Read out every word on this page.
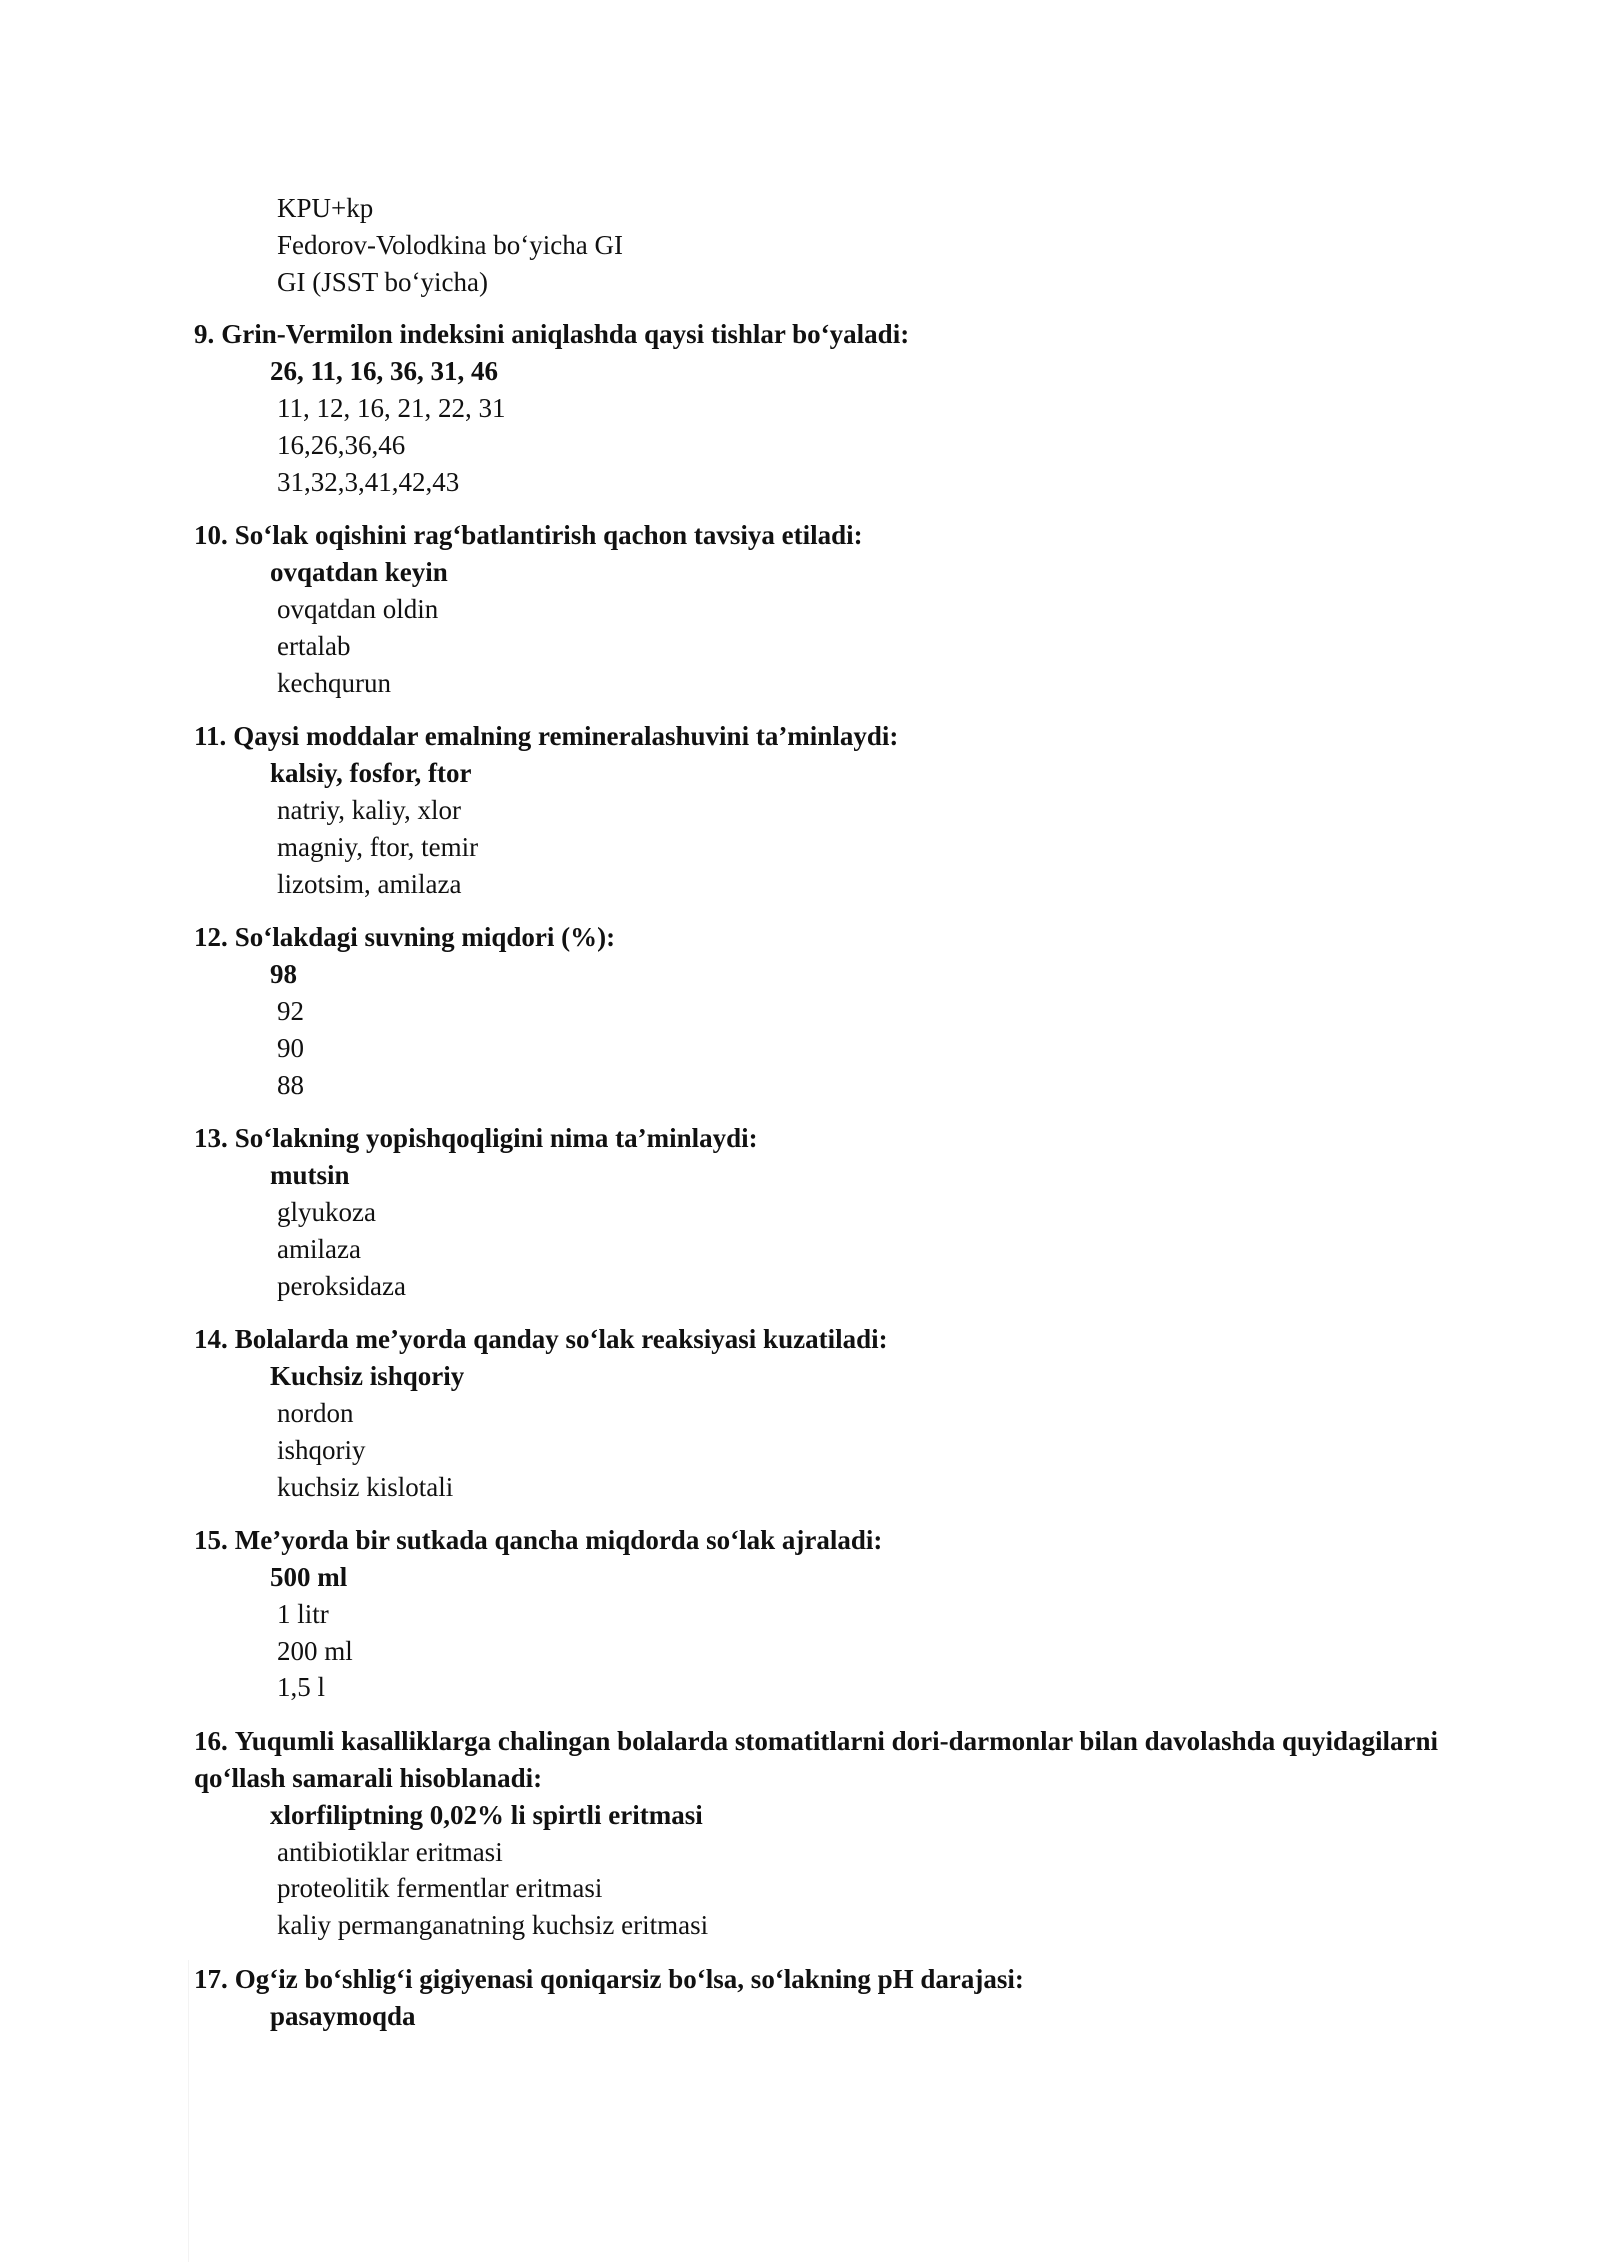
KPU+kp
Fedorov-Volodkina bo‘yicha GI
GI (JSST bo‘yicha)
9. Grin-Vermilon indeksini aniqlashda qaysi tishlar bo‘yaladi:
26, 11, 16, 36, 31, 46
11, 12, 16, 21, 22, 31
16,26,36,46
31,32,3,41,42,43
10. So‘lak oqishini rag‘batlantirish qachon tavsiya etiladi:
ovqatdan keyin
ovqatdan oldin
ertalab
kechqurun
11. Qaysi moddalar emalning remineralashuvini ta’minlaydi:
kalsiy, fosfor, ftor
natriy, kaliy, xlor
magniy, ftor, temir
lizotsim, amilaza
12. So‘lakdagi suvning miqdori (%):
98
92
90
88
13. So‘lakning yopishqoqligini nima ta’minlaydi:
mutsin
glyukoza
amilaza
peroksidaza
14. Bolalarda me’yorda qanday so‘lak reaksiyasi kuzatiladi:
Kuchsiz ishqoriy
nordon
ishqoriy
kuchsiz kislotali
15. Me’yorda bir sutkada qancha miqdorda so‘lak ajraladi:
500 ml
1 litr
200 ml
1,5 l
16. Yuqumli kasalliklarga chalingan bolalarda stomatitlarni dori-darmonlar bilan davolashda quyidagilarni qo‘llash samarali hisoblanadi:
xlorfiliptning 0,02% li spirtli eritmasi
antibiotiklar eritmasi
proteolitik fermentlar eritmasi
kaliy permanganatning kuchsiz eritmasi
17. Og‘iz bo‘shlig‘i gigiyenasi qoniqarsiz bo‘lsa, so‘lakning pH darajasi:
pasaymoqda
